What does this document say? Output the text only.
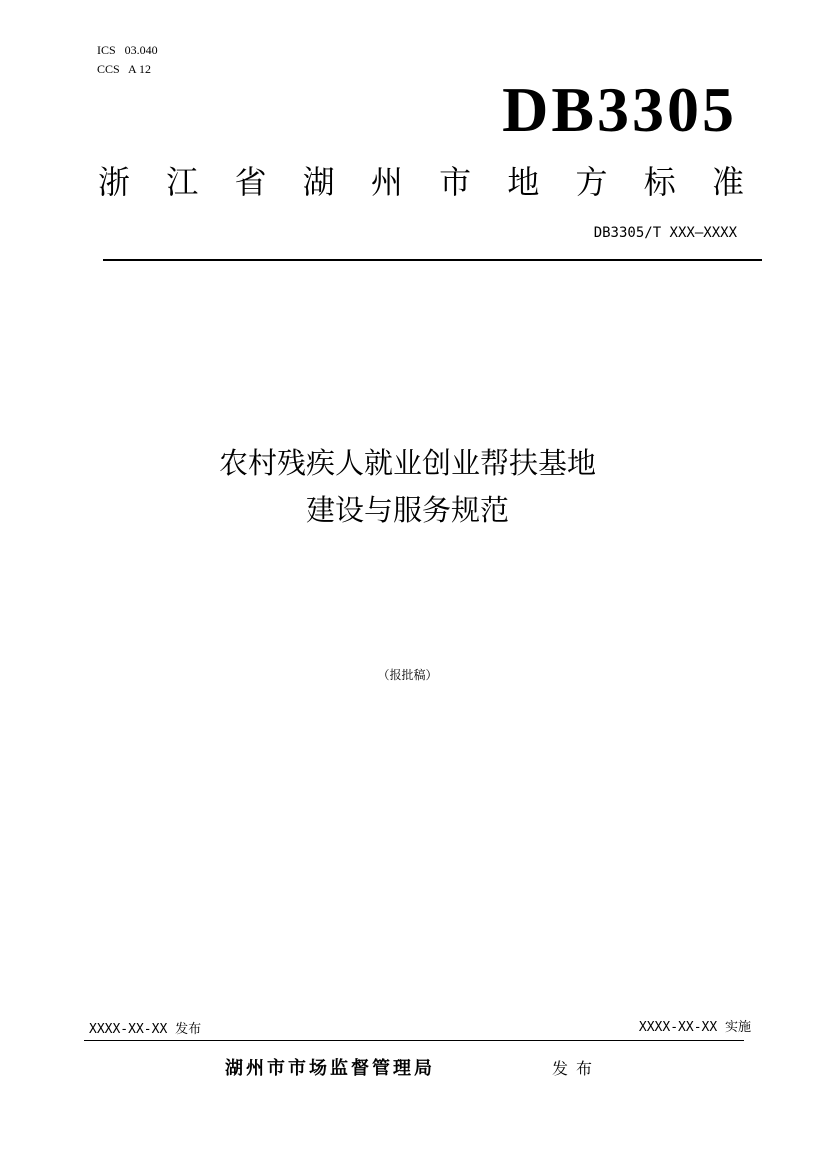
ICS   03.040
CCS   A 12
DB3305
浙 江 省 湖 州 市 地 方 标 准
DB3305/T XXX—XXXX
农村残疾人就业创业帮扶基地
建设与服务规范
（报批稿）
XXXX-XX-XX 发布	XXXX-XX-XX 实施
湖州市市场监督管理局	发布
